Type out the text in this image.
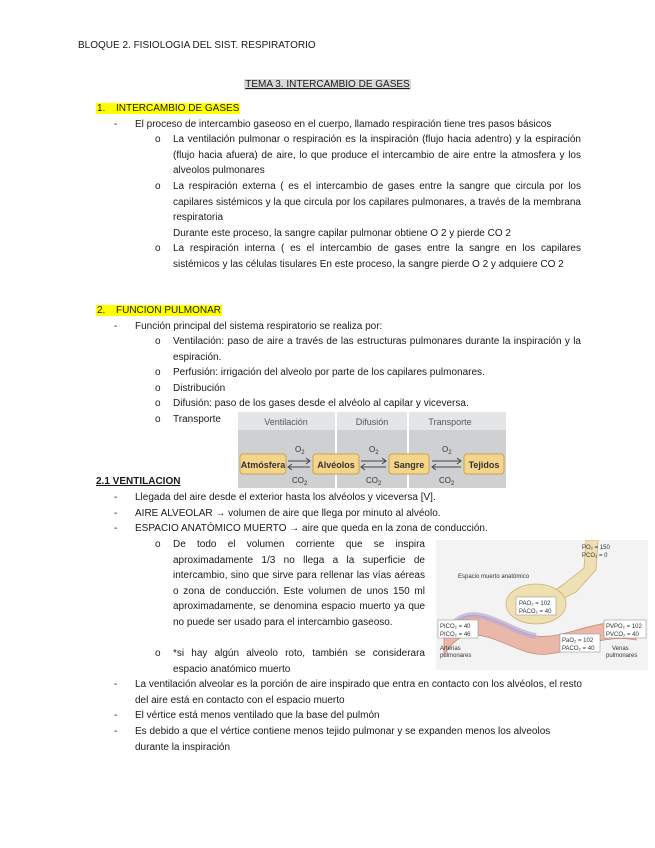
BLOQUE 2. FISIOLOGIA DEL SIST. RESPIRATORIO
TEMA 3. INTERCAMBIO DE GASES
1. INTERCAMBIO DE GASES
- El proceso de intercambio gaseoso en el cuerpo, llamado respiración tiene tres pasos básicos
o La ventilación pulmonar o respiración es la inspiración (flujo hacia adentro) y la espiración (flujo hacia afuera) de aire, lo que produce el intercambio de aire entre la atmosfera y los alveolos pulmonares

o La respiración externa ( es el intercambio de gases entre la sangre que circula por los capilares sistémicos y la que circula por los capilares pulmonares, a través de la membrana respiratoria

Durante este proceso, la sangre capilar pulmonar obtiene O 2 y pierde CO 2

o La respiración interna ( es el intercambio de gases entre la sangre en los capilares sistémicos y las células tisulares En este proceso, la sangre pierde O 2 y adquiere CO 2

2. FUNCION PULMONAR
- Función principal del sistema respiratorio se realiza por:
o Ventilación: paso de aire a través de las estructuras pulmonares durante la inspiración y la espiración.

o Perfusión: irrigación del alveolo por parte de los capilares pulmonares.

o Distribución

o Difusión: paso de los gases desde el alvéolo al capilar y viceversa.

o Transporte	Ventilación	Difusión	Transporte
Atmósfera	Alvéolos	Sangre	Tejidos
$O_2$
$CO_2$
$O_2$
$CO_2$
$O_2$
$CO_2$
2.1 VENTILACION
- Llegada del aire desde el exterior hasta los alvéolos y viceversa [V].
- AIRE ALVEOLAR → volumen de aire que llega por minuto al alvéolo.
- ESPACIO ANATÓMICO MUERTO → aire que queda en la zona de conducción.
o De todo el volumen corriente que se inspira aproximadamente 1/3 no llega a la superficie de intercambio, sino que sirve para rellenar las vías aéreas o zona de conducción. Este volumen de unos 150 ml aproximadamente, se denomina espacio muerto ya que no puede ser usado para el intercambio gaseoso.

o *si hay algún alveolo roto, también se considerara espacio anatómico muerto

Espacio muerto anatómico
PO₂ = 150
PCO₂ = 0
PAO₂ = 102
PACO₂ = 40
PICO₂ = 40
PICO₂ = 46
Arterias
pulmonares
PaO₂ = 102
PACO₂ = 40
PVPO₂ = 102
PVCO₂ = 40
Venas
pulmonares
- La ventilación alveolar es la porción de aire inspirado que entra en contacto con los alvéolos, el resto del aire está en contacto con el espacio muerto

- El vértice está menos ventilado que la base del pulmón

- Es debido a que el vértice contiene menos tejido pulmonar y se expanden menos los alveolos durante la inspiración
